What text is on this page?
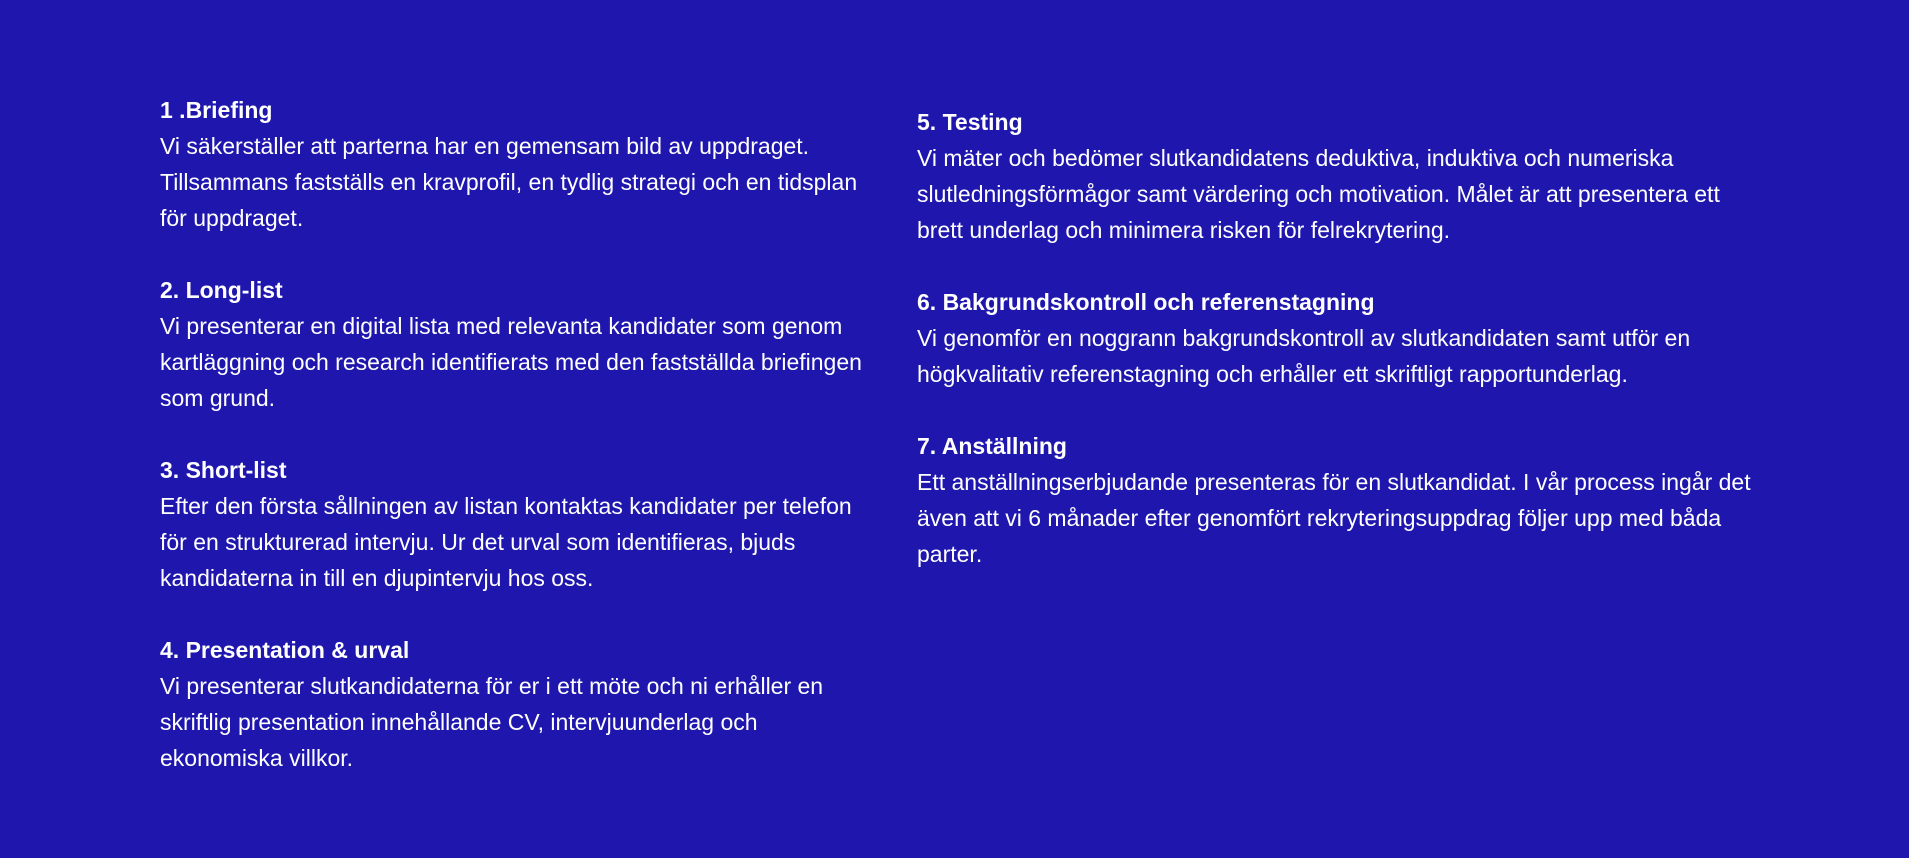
1 .Briefing

Vi säkerställer att parterna har en gemensam bild av uppdraget. Tillsammans fastställs en kravprofil, en tydlig strategi och en tidsplan för uppdraget.

2. Long-list

Vi presenterar en digital lista med relevanta kandidater som genom kartläggning och research identifierats med den fastställda briefingen som grund.

3. Short-list

Efter den första sållningen av listan kontaktas kandidater per telefon för en strukturerad intervju. Ur det urval som identifieras, bjuds kandidaterna in till en djupintervju hos oss.

4. Presentation & urval

Vi presenterar slutkandidaterna för er i ett möte och ni erhåller en skriftlig presentation innehållande CV, intervjuunderlag och ekonomiska villkor.

5. Testing

Vi mäter och bedömer slutkandidatens deduktiva, induktiva och numeriska slutledningsförmågor samt värdering och motivation. Målet är att presentera ett brett underlag och minimera risken för felrekrytering.

6. Bakgrundskontroll och referenstagning

Vi genomför en noggrann bakgrundskontroll av slutkandidaten samt utför en högkvalitativ referenstagning och erhåller ett skriftligt rapportunderlag.

7. Anställning

Ett anställningserbjudande presenteras för en slutkandidat. I vår process ingår det även att vi 6 månader efter genomfört rekryteringsuppdrag följer upp med båda parter.
